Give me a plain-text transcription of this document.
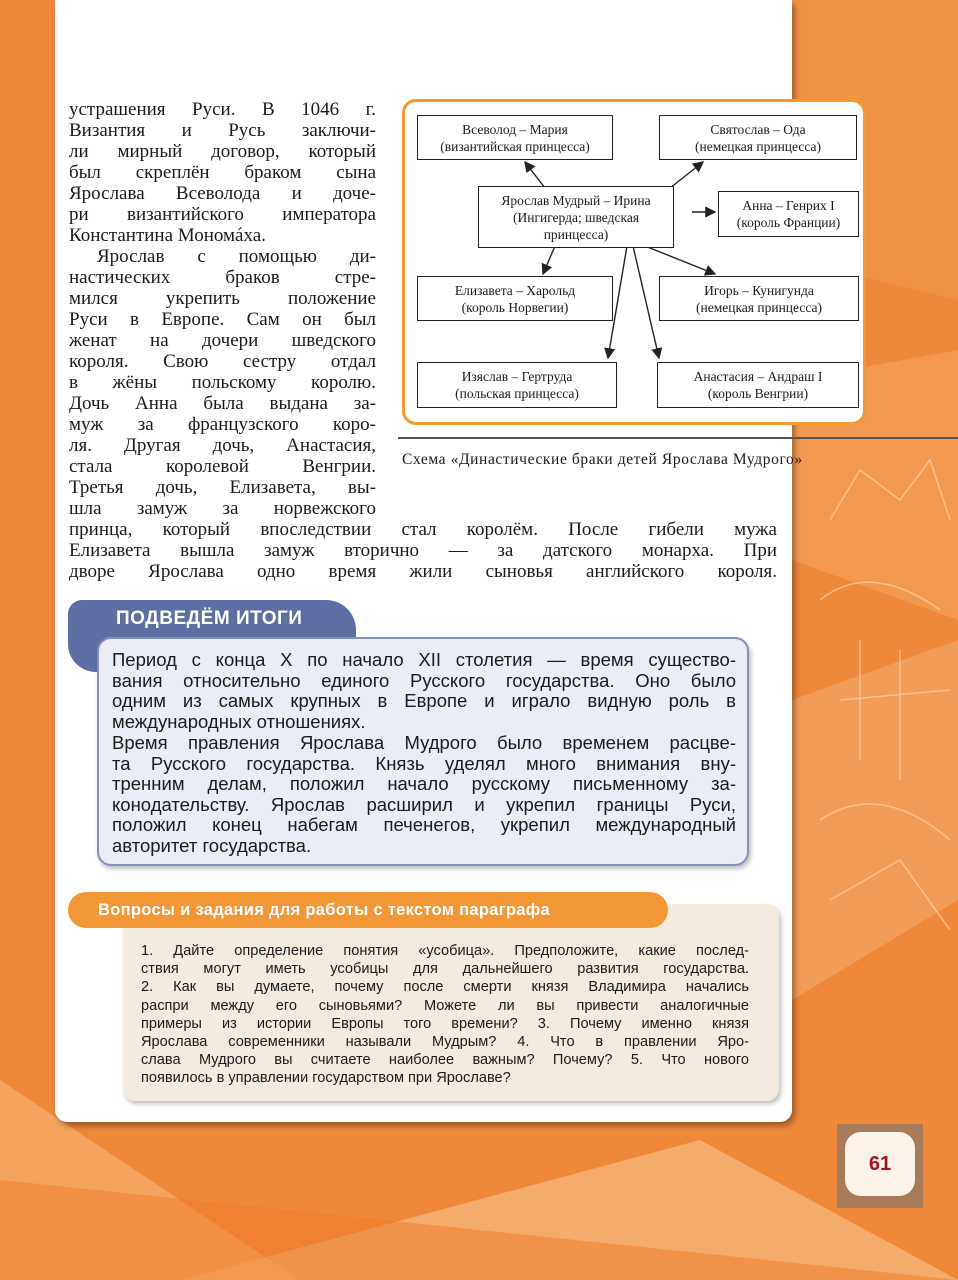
устрашения Руси. В 1046 г.
Византия и Русь заключи-
ли мирный договор, который
был скреплён браком сына
Ярослава Всеволода и доче-
ри византийского императора
Константина Мономáха.
Ярослав с помощью ди-
настических браков стре-
мился укрепить положение
Руси в Европе. Сам он был
женат на дочери шведского
короля. Свою сестру отдал
в жёны польскому королю.
Дочь Анна была выдана за-
муж за французского коро-
ля. Другая дочь, Анастасия,
стала королевой Венгрии.
Третья дочь, Елизавета, вы-
шла замуж за норвежского
принца, который впоследствии стал королём. После гибели мужа
Елизавета вышла замуж вторично — за датского монарха. При
дворе Ярослава одно время жили сыновья английского короля.
Всеволод – Мария
(византийская принцесса)
Святослав – Ода
(немецкая принцесса)
Ярослав Мудрый – Ирина
(Ингигерда; шведская
принцесса)
Анна – Генрих I
(король Франции)
Елизавета – Харольд
(король Норвегии)
Игорь – Кунигунда
(немецкая принцесса)
Изяслав – Гертруда
(польская принцесса)
Анастасия – Андраш I
(король Венгрии)
Схема «Династические браки детей Ярослава Мудрого»
ПОДВЕДЁМ ИТОГИ
Период с конца X по начало XII столетия — время существо-
вания относительно единого Русского государства. Оно было
одним из самых крупных в Европе и играло видную роль в
международных отношениях.
Время правления Ярослава Мудрого было временем расцве-
та Русского государства. Князь уделял много внимания вну-
тренним делам, положил начало русскому письменному за-
конодательству. Ярослав расширил и укрепил границы Руси,
положил конец набегам печенегов, укрепил международный
авторитет государства.
Вопросы и задания для работы с текстом параграфа
1. Дайте определение понятия «усобица». Предположите, какие послед-
ствия могут иметь усобицы для дальнейшего развития государства.
2. Как вы думаете, почему после смерти князя Владимира начались
распри между его сыновьями? Можете ли вы привести аналогичные
примеры из истории Европы того времени? 3. Почему именно князя
Ярослава современники называли Мудрым? 4. Что в правлении Яро-
слава Мудрого вы считаете наиболее важным? Почему? 5. Что нового
появилось в управлении государством при Ярославе?
61
